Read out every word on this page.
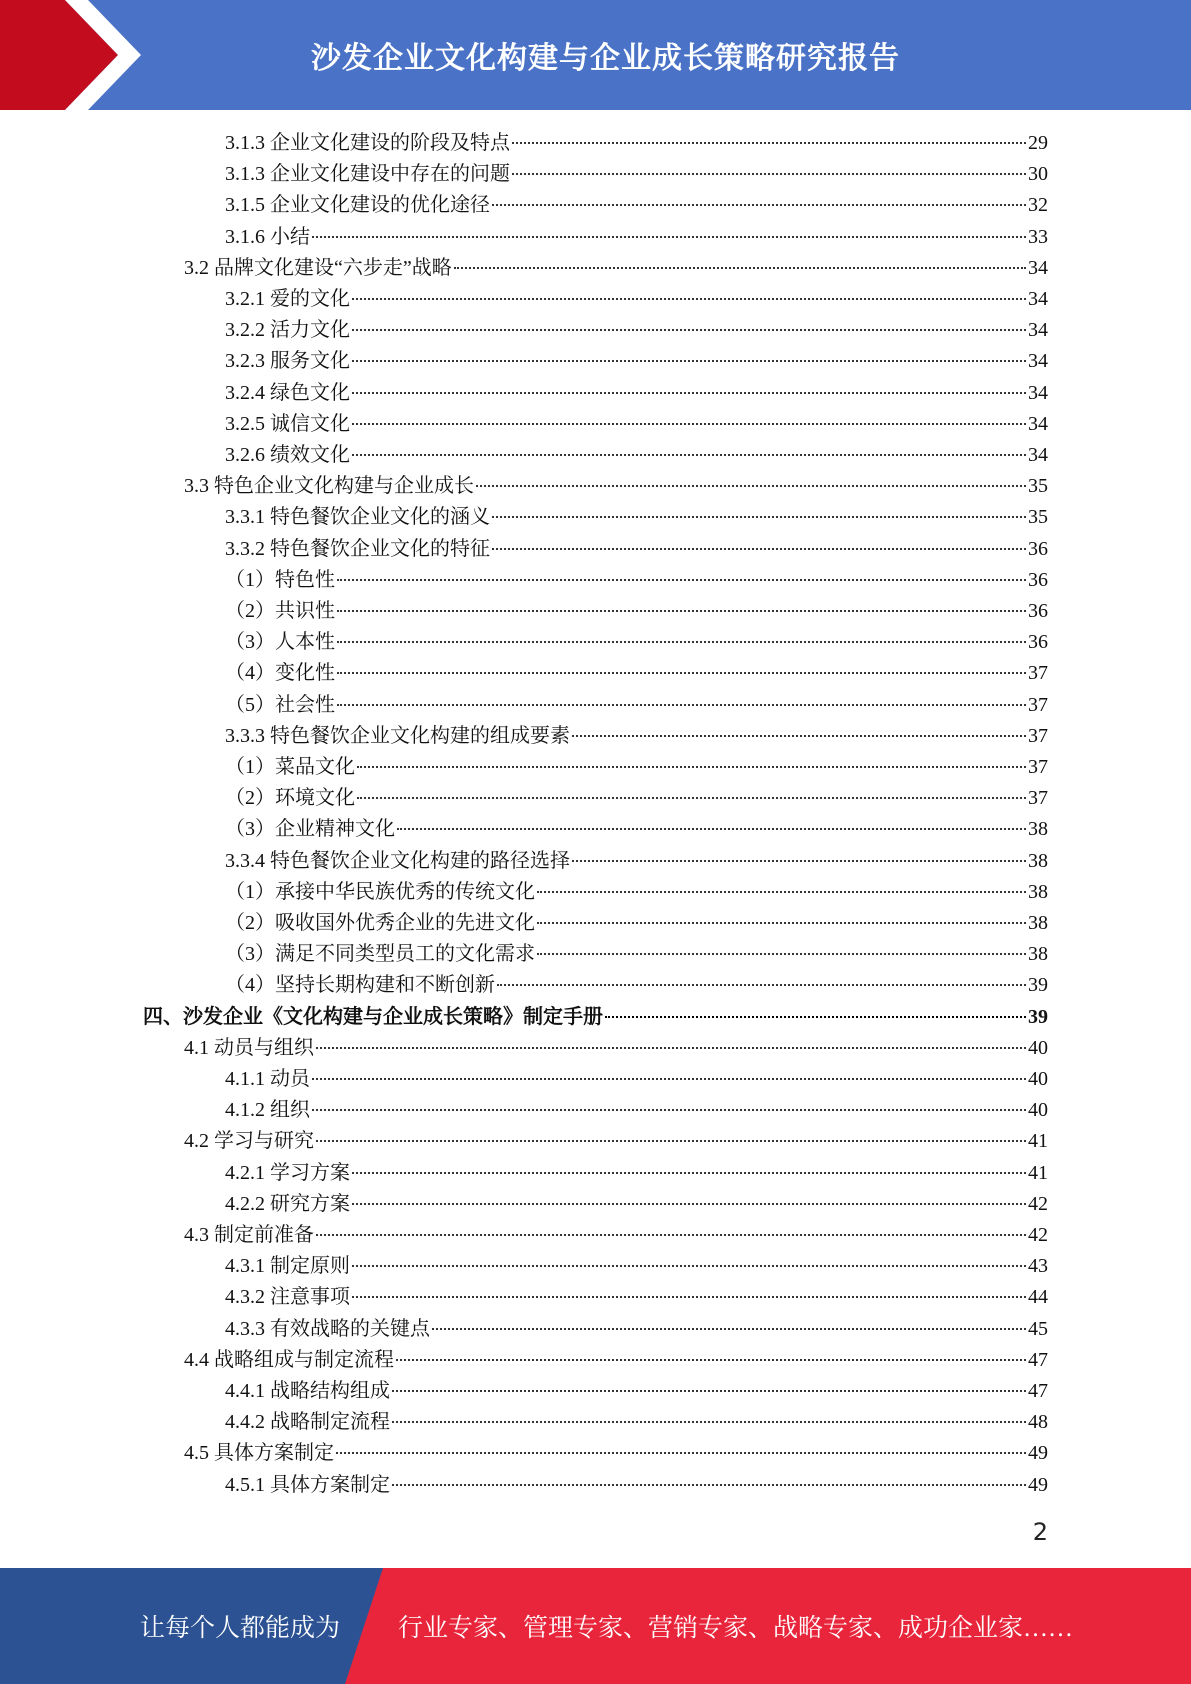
沙发企业文化构建与企业成长策略研究报告
3.1.3 企业文化建设的阶段及特点	29
3.1.3 企业文化建设中存在的问题	30
3.1.5 企业文化建设的优化途径	32
3.1.6 小结	33
3.2 品牌文化建设“六步走”战略	34
3.2.1 爱的文化	34
3.2.2 活力文化	34
3.2.3 服务文化	34
3.2.4 绿色文化	34
3.2.5 诚信文化	34
3.2.6 绩效文化	34
3.3 特色企业文化构建与企业成长	35
3.3.1 特色餐饮企业文化的涵义	35
3.3.2 特色餐饮企业文化的特征	36
（1）特色性	36
（2）共识性	36
（3）人本性	36
（4）变化性	37
（5）社会性	37
3.3.3 特色餐饮企业文化构建的组成要素	37
（1）菜品文化	37
（2）环境文化	37
（3）企业精神文化	38
3.3.4 特色餐饮企业文化构建的路径选择	38
（1）承接中华民族优秀的传统文化	38
（2）吸收国外优秀企业的先进文化	38
（3）满足不同类型员工的文化需求	38
（4）坚持长期构建和不断创新	39
四、沙发企业《文化构建与企业成长策略》制定手册	39
4.1 动员与组织	40
4.1.1 动员	40
4.1.2 组织	40
4.2 学习与研究	41
4.2.1 学习方案	41
4.2.2 研究方案	42
4.3 制定前准备	42
4.3.1 制定原则	43
4.3.2 注意事项	44
4.3.3 有效战略的关键点	45
4.4 战略组成与制定流程	47
4.4.1 战略结构组成	47
4.4.2 战略制定流程	48
4.5 具体方案制定	49
4.5.1 具体方案制定	49
2
让每个人都能成为 行业专家、管理专家、营销专家、战略专家、成功企业家……
